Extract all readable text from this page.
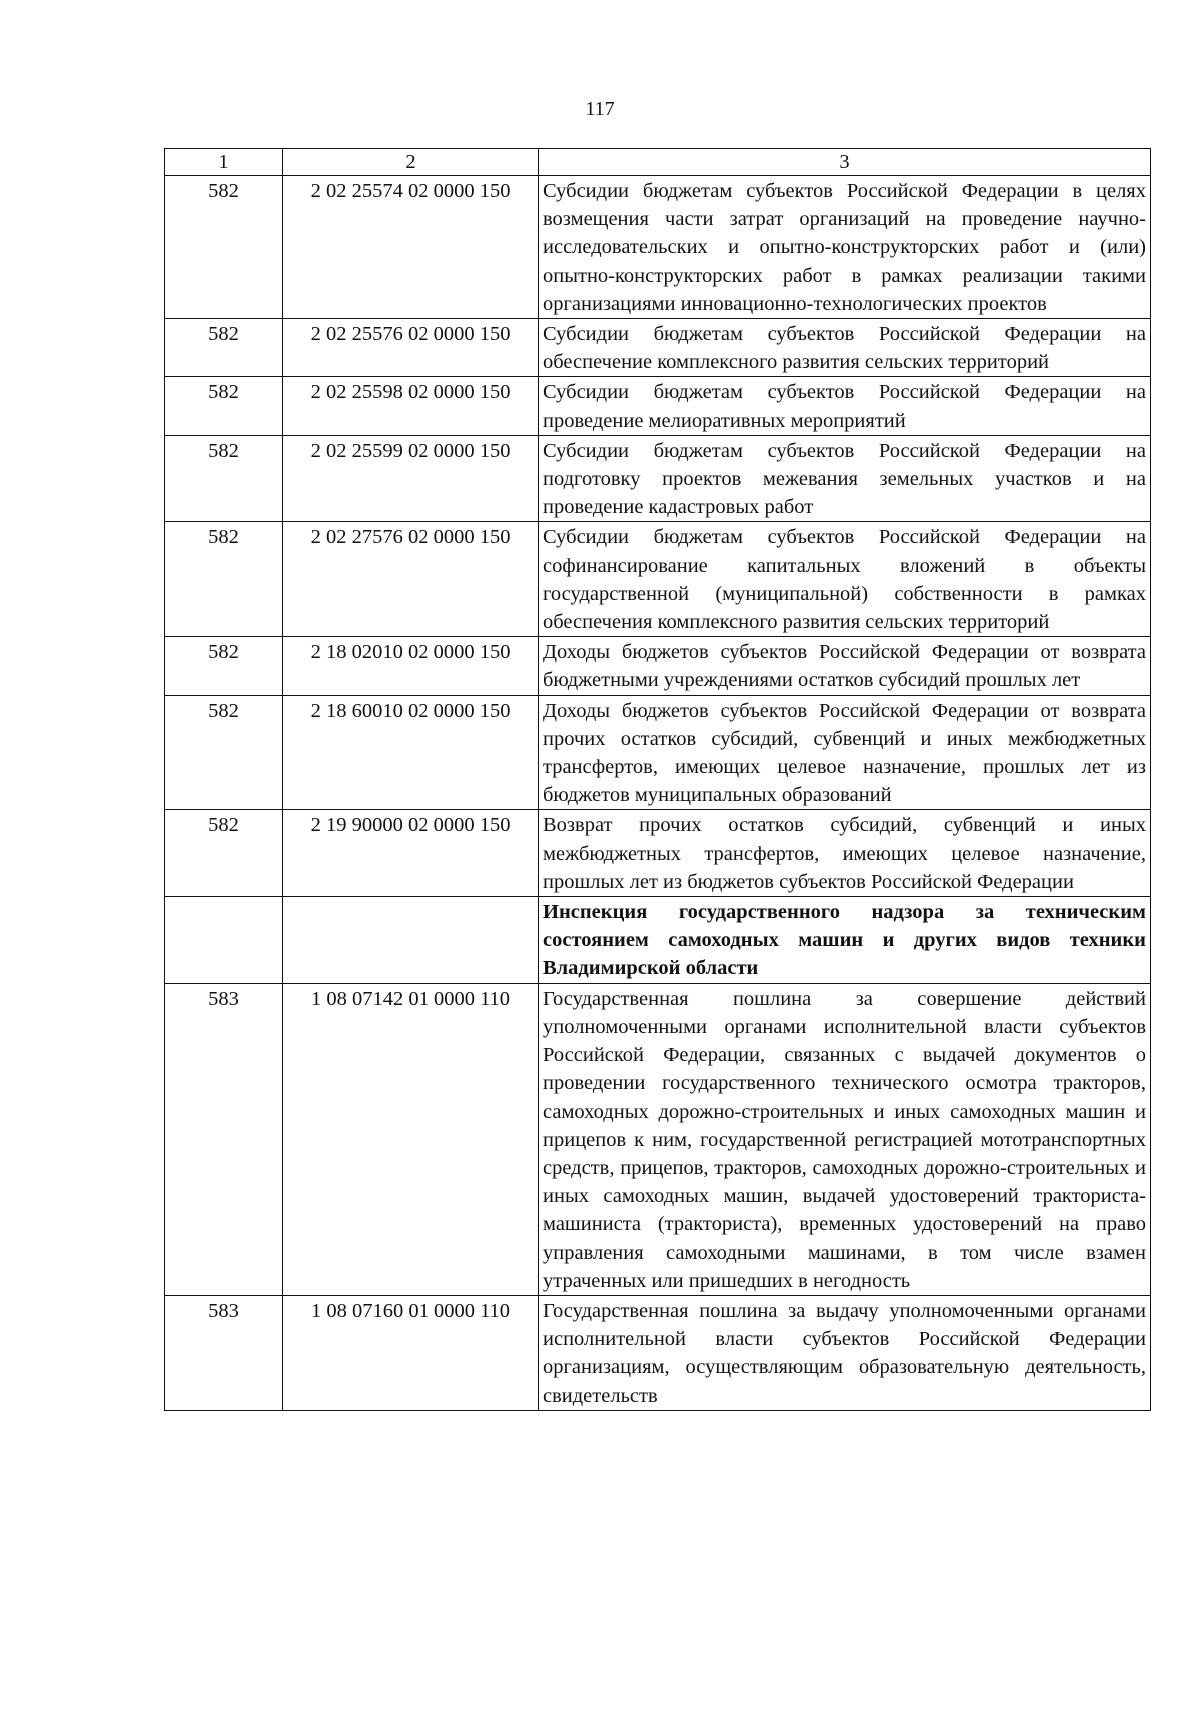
117
1	2	3
582	2 02 25574 02 0000 150	Субсидии бюджетам субъектов Российской Федерации в целях возмещения части затрат организаций на проведение научно-исследовательских и опытно-конструкторских работ и (или) опытно-конструкторских работ в рамках реализации такими организациями инновационно-технологических проектов
582	2 02 25576 02 0000 150	Субсидии бюджетам субъектов Российской Федерации на обеспечение комплексного развития сельских территорий
582	2 02 25598 02 0000 150	Субсидии бюджетам субъектов Российской Федерации на проведение мелиоративных мероприятий
582	2 02 25599 02 0000 150	Субсидии бюджетам субъектов Российской Федерации на подготовку проектов межевания земельных участков и на проведение кадастровых работ
582	2 02 27576 02 0000 150	Субсидии бюджетам субъектов Российской Федерации на софинансирование капитальных вложений в объекты государственной (муниципальной) собственности в рамках обеспечения комплексного развития сельских территорий
582	2 18 02010 02 0000 150	Доходы бюджетов субъектов Российской Федерации от возврата бюджетными учреждениями остатков субсидий прошлых лет
582	2 18 60010 02 0000 150	Доходы бюджетов субъектов Российской Федерации от возврата прочих остатков субсидий, субвенций и иных межбюджетных трансфертов, имеющих целевое назначение, прошлых лет из бюджетов муниципальных образований
582	2 19 90000 02 0000 150	Возврат прочих остатков субсидий, субвенций и иных межбюджетных трансфертов, имеющих целевое назначение, прошлых лет из бюджетов субъектов Российской Федерации
		Инспекция государственного надзора за техническим состоянием самоходных машин и других видов техники Владимирской области
583	1 08 07142 01 0000 110	Государственная пошлина за совершение действий уполномоченными органами исполнительной власти субъектов Российской Федерации, связанных с выдачей документов о проведении государственного технического осмотра тракторов, самоходных дорожно-строительных и иных самоходных машин и прицепов к ним, государственной регистрацией мототранспортных средств, прицепов, тракторов, самоходных дорожно-строительных и иных самоходных машин, выдачей удостоверений тракториста-машиниста (тракториста), временных удостоверений на право управления самоходными машинами, в том числе взамен утраченных или пришедших в негодность
583	1 08 07160 01 0000 110	Государственная пошлина за выдачу уполномоченными органами исполнительной власти субъектов Российской Федерации организациям, осуществляющим образовательную деятельность, свидетельств
